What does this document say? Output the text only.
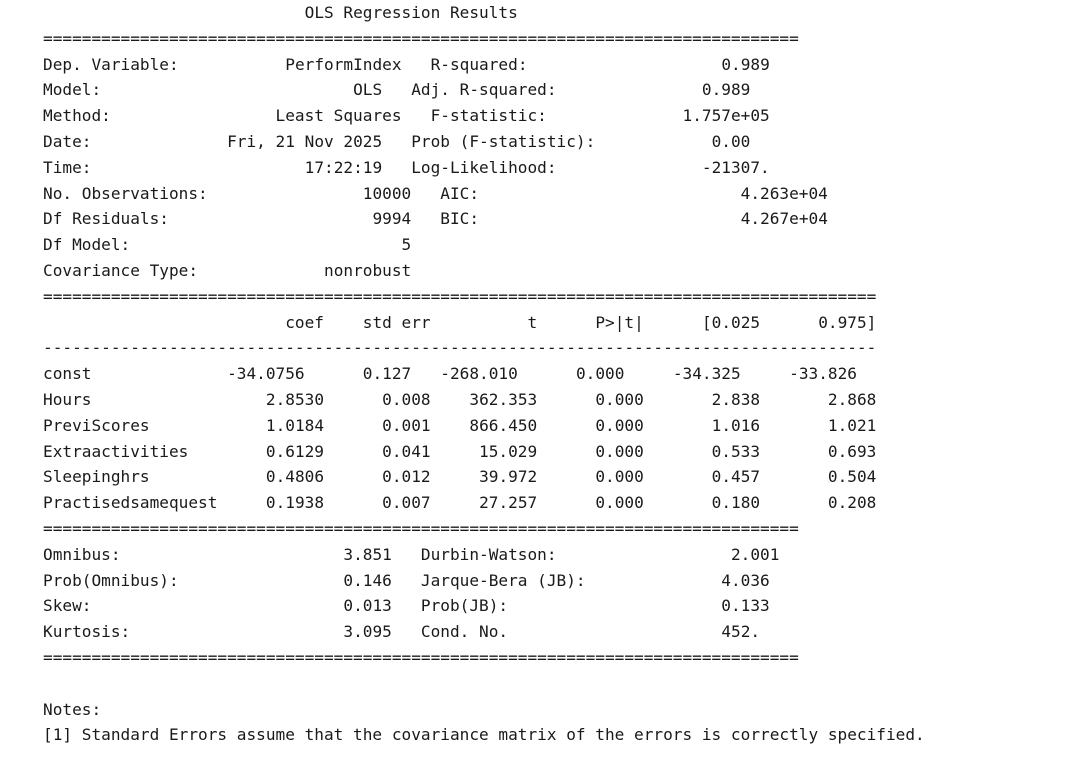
OLS Regression Results
==============================================================================
Dep. Variable:	PerformIndex R-squared:	0.989
Model:	OLS Adj. R-squared:	0.989
Method:	Least Squares F-statistic:	1.757e+05
Date:	Fri, 21 Nov 2025 Prob (F-statistic):	0.00
Time:	17:22:19 Log-Likelihood:	-21307.
No. Observations:	10000 AIC:	4.263e+04
Df Residuals:	9994 BIC:	4.267e+04
Df Model:	5
Covariance Type:	nonrobust
======================================================================================
coef std err	t	P>|t|	[0.025	0.975]
--------------------------------------------------------------------------------------
const	-34.0756	0.127 -268.010	0.000	-34.325	-33.826
Hours	2.8530	0.008 362.353	0.000	2.838	2.868
PreviScores	1.0184	0.001 866.450	0.000	1.016	1.021
Extraactivities	0.6129	0.041	15.029	0.000	0.533	0.693
Sleepinghrs	0.4806	0.012	39.972	0.000	0.457	0.504
Practisedsamequest	0.1938	0.007	27.257	0.000	0.180	0.208
==============================================================================
Omnibus:	3.851 Durbin-Watson:	2.001
Prob(Omnibus):	0.146 Jarque-Bera (JB):	4.036
Skew:	0.013 Prob(JB):	0.133
Kurtosis:	3.095 Cond. No.	452.
==============================================================================

Notes:
[1] Standard Errors assume that the covariance matrix of the errors is correctly specified.
